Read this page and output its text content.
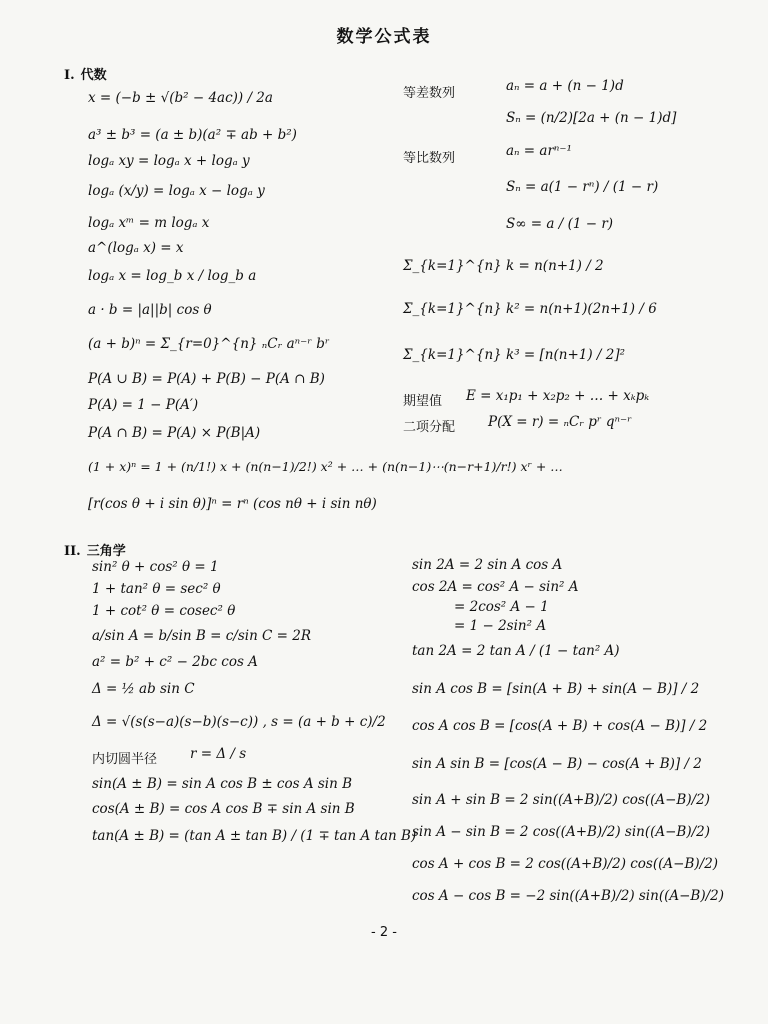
数学公式表
I. 代数
x = (−b ± √(b² − 4ac)) / 2a
a³ ± b³ = (a ± b)(a² ∓ ab + b²)
logₐ xy = logₐ x + logₐ y
logₐ (x/y) = logₐ x − logₐ y
logₐ xᵐ = m logₐ x
a^(logₐ x) = x
logₐ x = log_b x / log_b a
a · b = |a||b| cos θ
(a + b)ⁿ = Σ_{r=0}^{n} ₙCᵣ aⁿ⁻ʳ bʳ
P(A ∪ B) = P(A) + P(B) − P(A ∩ B)
P(A) = 1 − P(A′)
P(A ∩ B) = P(A) × P(B|A)
(1 + x)ⁿ = 1 + (n/1!) x + (n(n−1)/2!) x² + … + (n(n−1)⋯(n−r+1)/r!) xʳ + …
[r(cos θ + i sin θ)]ⁿ = rⁿ (cos nθ + i sin nθ)
等差数列	aₙ = a + (n − 1)d
Sₙ = (n/2)[2a + (n − 1)d]
等比数列	aₙ = arⁿ⁻¹
Sₙ = a(1 − rⁿ) / (1 − r)
S∞ = a / (1 − r)
Σ_{k=1}^{n} k = n(n+1) / 2
Σ_{k=1}^{n} k² = n(n+1)(2n+1) / 6
Σ_{k=1}^{n} k³ = [n(n+1) / 2]²
期望值 E = x₁p₁ + x₂p₂ + … + xₖpₖ
二项分配 P(X = r) = ₙCᵣ pʳ qⁿ⁻ʳ
II. 三角学
sin² θ + cos² θ = 1
1 + tan² θ = sec² θ
1 + cot² θ = cosec² θ
a/sin A = b/sin B = c/sin C = 2R
a² = b² + c² − 2bc cos A
Δ = ½ ab sin C
Δ = √(s(s−a)(s−b)(s−c)) , s = (a + b + c)/2
内切圆半径 r = Δ / s
sin(A ± B) = sin A cos B ± cos A sin B
cos(A ± B) = cos A cos B ∓ sin A sin B
tan(A ± B) = (tan A ± tan B) / (1 ∓ tan A tan B)
sin 2A = 2 sin A cos A
cos 2A = cos² A − sin² A
= 2cos² A − 1
= 1 − 2sin² A
tan 2A = 2 tan A / (1 − tan² A)
sin A cos B = [sin(A + B) + sin(A − B)] / 2
cos A cos B = [cos(A + B) + cos(A − B)] / 2
sin A sin B = [cos(A − B) − cos(A + B)] / 2
sin A + sin B = 2 sin((A+B)/2) cos((A−B)/2)
sin A − sin B = 2 cos((A+B)/2) sin((A−B)/2)
cos A + cos B = 2 cos((A+B)/2) cos((A−B)/2)
cos A − cos B = −2 sin((A+B)/2) sin((A−B)/2)
- 2 -
